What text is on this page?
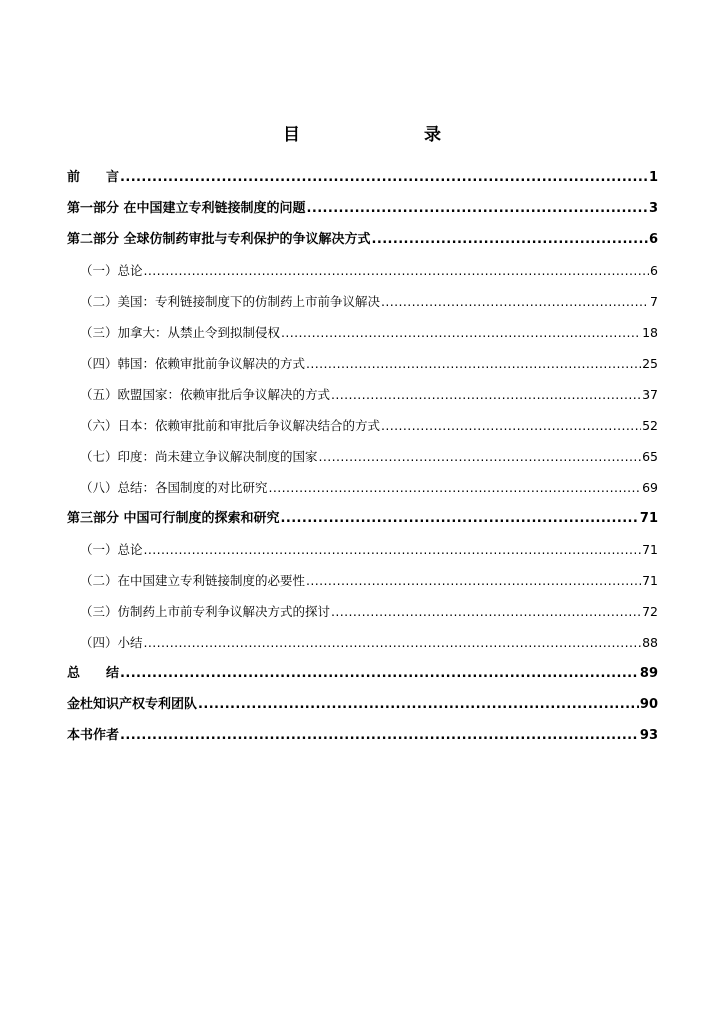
目　　录
前　　言 .....	1
第一部分 在中国建立专利链接制度的问题 .....	3
第二部分 全球仿制药审批与专利保护的争议解决方式 .....	6
（一）总论 .....	6
（二）美国：专利链接制度下的仿制药上市前争议解决 .....	7
（三）加拿大：从禁止令到拟制侵权 .....	18
（四）韩国：依赖审批前争议解决的方式 .....	25
（五）欧盟国家：依赖审批后争议解决的方式 .....	37
（六）日本：依赖审批前和审批后争议解决结合的方式 .....	52
（七）印度：尚未建立争议解决制度的国家 .....	65
（八）总结：各国制度的对比研究 .....	69
第三部分 中国可行制度的探索和研究 .....	71
（一）总论 .....	71
（二）在中国建立专利链接制度的必要性 .....	71
（三）仿制药上市前专利争议解决方式的探讨 .....	72
（四）小结 .....	88
总　　结 .....	89
金杜知识产权专利团队 .....	90
本书作者 .....	93
